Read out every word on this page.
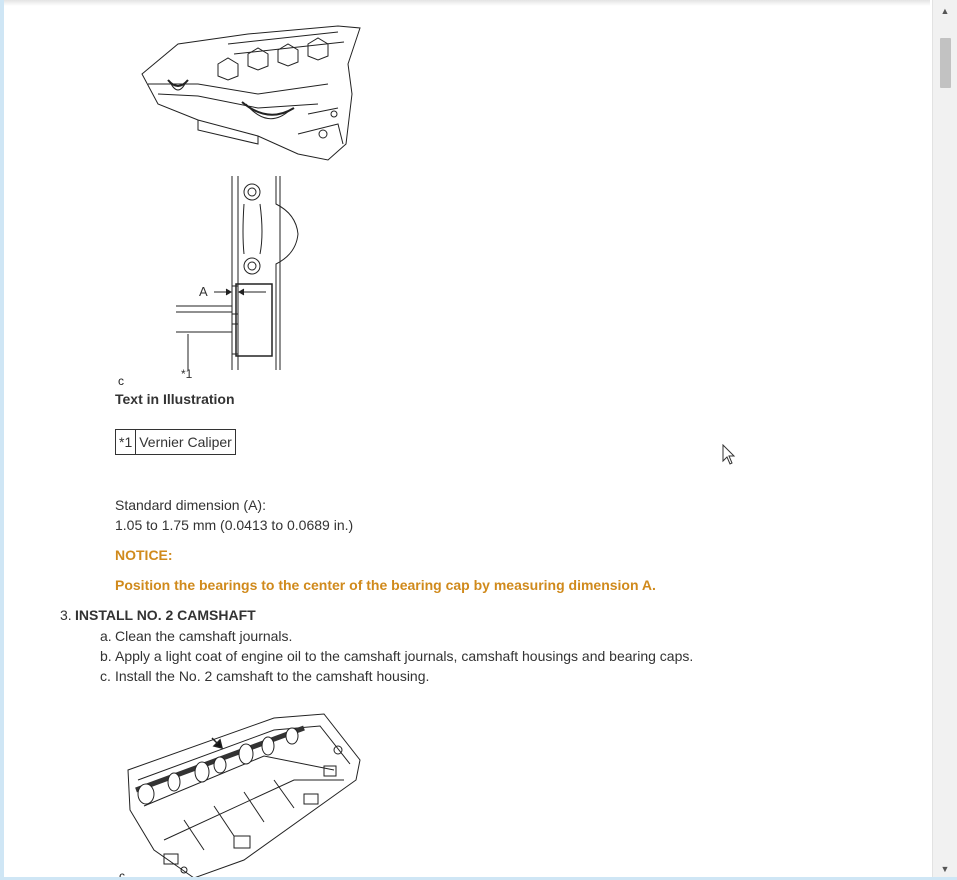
A
*1
c
Text in Illustration
*1	Vernier Caliper
Standard dimension (A):
1.05 to 1.75 mm (0.0413 to 0.0689 in.)
NOTICE:
Position the bearings to the center of the bearing cap by measuring dimension A.
3. INSTALL NO. 2 CAMSHAFT
a. Clean the camshaft journals.
b. Apply a light coat of engine oil to the camshaft journals, camshaft housings and bearing caps.
c. Install the No. 2 camshaft to the camshaft housing.
c
▲
▼
